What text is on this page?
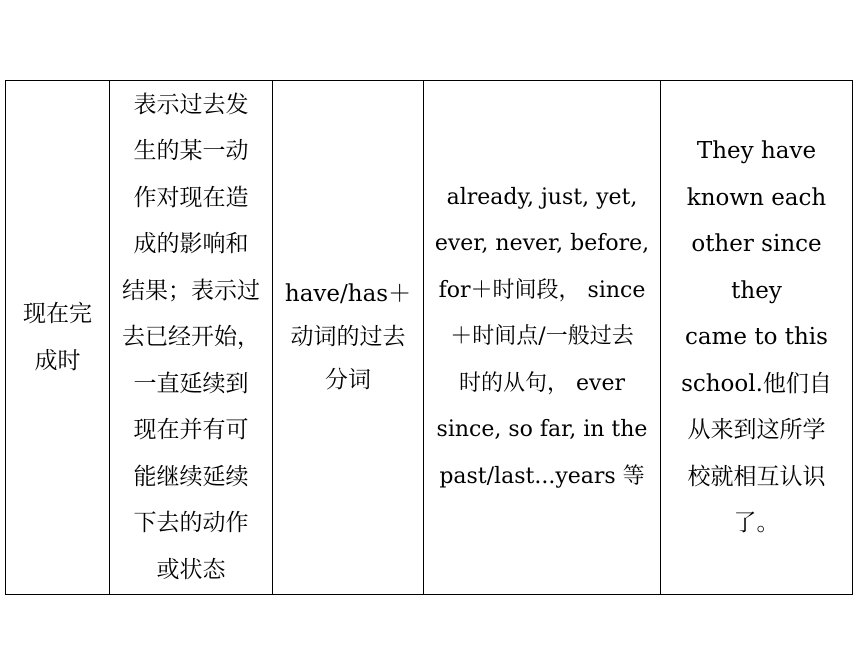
现在完
成时

表示过去发
生的某一动
作对现在造
成的影响和
结果；表示过
去已经开始，
一直延续到
现在并有可
能继续延续
下去的动作
或状态

have/has＋
动词的过去
分词

already, just, yet,
ever, never, before,
for＋时间段， since
＋时间点/一般过去
时的从句， ever
since, so far, in the
past/last...years 等

They have
known each
other since they
came to this
school.他们自
从来到这所学
校就相互认识
了。
